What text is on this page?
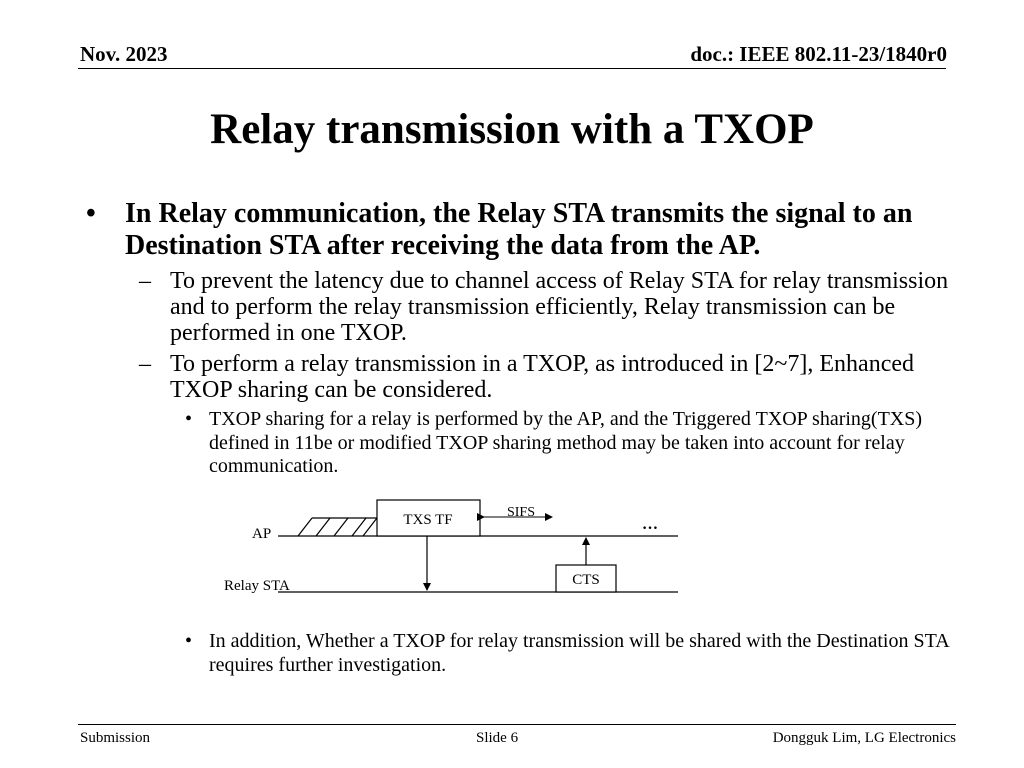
Nov. 2023	doc.: IEEE 802.11-23/1840r0
Relay transmission with a TXOP
• In Relay communication, the Relay STA transmits the signal to an Destination STA after receiving the data from the AP.
– To prevent the latency due to channel access of Relay STA for relay transmission and to perform the relay transmission efficiently, Relay transmission can be performed in one TXOP.
– To perform a relay transmission in a TXOP, as introduced in [2~7], Enhanced TXOP sharing can be considered.
• TXOP sharing for a relay is performed by the AP, and the Triggered TXOP sharing(TXS) defined in 11be or modified TXOP sharing method may be taken into account for relay communication.
TXS TF	SIFS
…
CTS
AP
Relay STA
• In addition, Whether a TXOP for relay transmission will be shared with the Destination STA requires further investigation.
Submission	Slide 6	Dongguk Lim, LG Electronics
